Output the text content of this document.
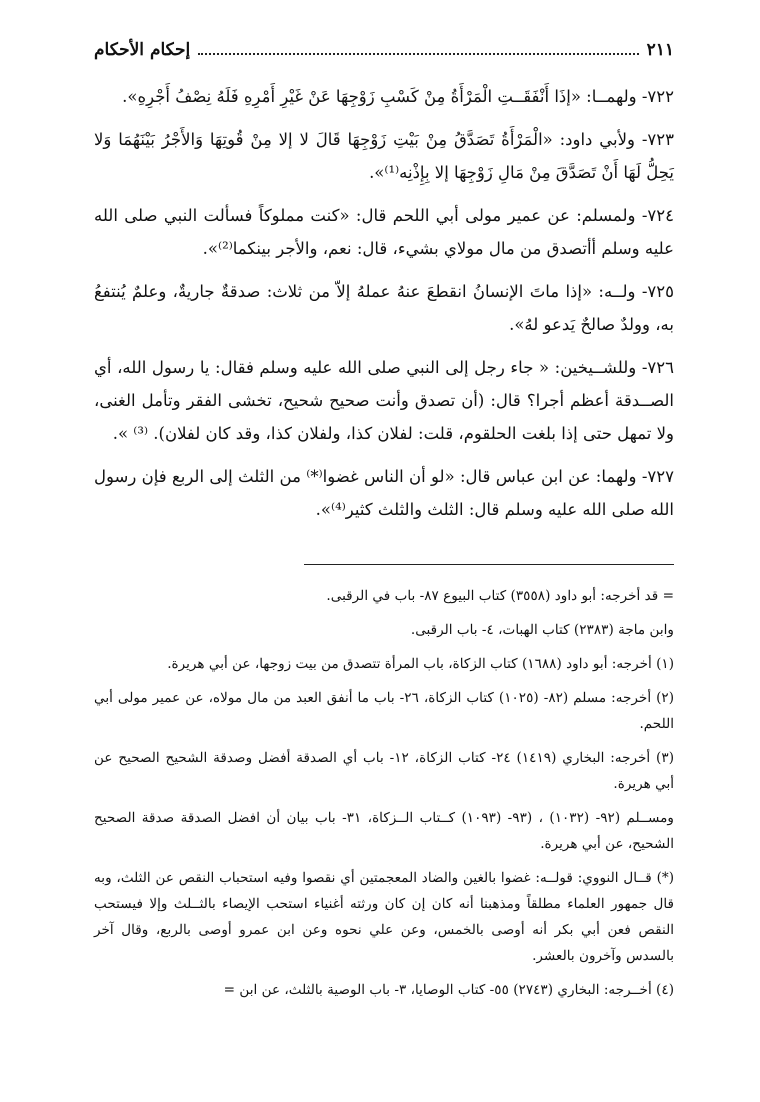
٢١١
إحكام الأحكام

٧٢٢- ولهمــا: «إذَا أَنْفَقَــتِ الْمَرْأَةُ مِنْ كَسْبِ زَوْجِهَا عَنْ غَيْرِ أَمْرِهِ فَلَهُ نِصْفُ أَجْرِهِ».

٧٢٣- ولأبي داود: «الْمَرْأَةُ تَصَدَّقُ مِنْ بَيْتِ زَوْجِهَا قَالَ لا إلا مِنْ قُوتِهَا وَالأَجْرُ بَيْنَهُمَا وَلا يَحِلُّ لَهَا أَنْ تَصَدَّقَ مِنْ مَالِ زَوْجِهَا إلا بِإِذْنِه⁽¹⁾».

٧٢٤- ولمسلم: عن عمير مولى أبي اللحم قال: «كنت مملوكاً فسألت النبي صلى الله عليه وسلم أأتصدق من مال مولاي بشيء، قال: نعم، والأجر بينكما⁽²⁾».

٧٢٥- ولــه: «إذا ماتَ الإنسانُ انقطعَ عنهُ عملهُ إلاّ من ثلاث: صدقةٌ جاريةٌ، وعلمٌ يُنتفعُ به، وولدٌ صالحٌ يَدعو لهُ».

٧٢٦- وللشــيخين: « جاء رجل إلى النبي صلى الله عليه وسلم فقال: يا رسول الله، أي الصــدقة أعظم أجرا؟ قال: (أن تصدق وأنت صحيح شحيح، تخشى الفقر وتأمل الغنى، ولا تمهل حتى إذا بلغت الحلقوم، قلت: لفلان كذا، ولفلان كذا، وقد كان لفلان). ⁽³⁾ ».

٧٢٧- ولهما: عن ابن عباس قال: «لو أن الناس غضوا⁽*⁾ من الثلث إلى الربع فإن رسول الله صلى الله عليه وسلم قال: الثلث والثلث كثير⁽⁴⁾».

= قد أخرجه: أبو داود (٣٥٥٨) كتاب البيوع ٨٧- باب في الرقبى.

وابن ماجة (٢٣٨٣) كتاب الهبات، ٤- باب الرقبى.

(١) أخرجه: أبو داود (١٦٨٨) كتاب الزكاة، باب المرأة تتصدق من بيت زوجها، عن أبي هريرة.

(٢) أخرجه: مسلم (٨٢- (١٠٢٥) كتاب الزكاة، ٢٦- باب ما أنفق العبد من مال مولاه، عن عمير مولى أبي اللحم.

(٣) أخرجه: البخاري (١٤١٩) ٢٤- كتاب الزكاة، ١٢- باب أي الصدقة أفضل وصدقة الشحيح الصحيح عن أبي هريرة.

ومســلم (٩٢- (١٠٣٢) ، (٩٣- (١٠٩٣) كــتاب الــزكاة، ٣١- باب بيان أن افضل الصدقة صدقة الصحيح الشحيح، عن أبي هريرة.

(*) قــال النووي: قولــه: غضوا بالغين والضاد المعجمتين أي نقصوا وفيه استحباب النقص عن الثلث، وبه قال جمهور العلماء مطلقاً ومذهبنا أنه كان إن كان ورثته أغنياء استحب الإيصاء بالثــلث وإلا فيستحب النقص فعن أبي بكر أنه أوصى بالخمس، وعن علي نحوه وعن ابن عمرو أوصى بالربع، وقال آخر بالسدس وآخرون بالعشر.

(٤) أخــرجه: البخاري (٢٧٤٣) ٥٥- كتاب الوصايا، ٣- باب الوصية بالثلث، عن ابن =
